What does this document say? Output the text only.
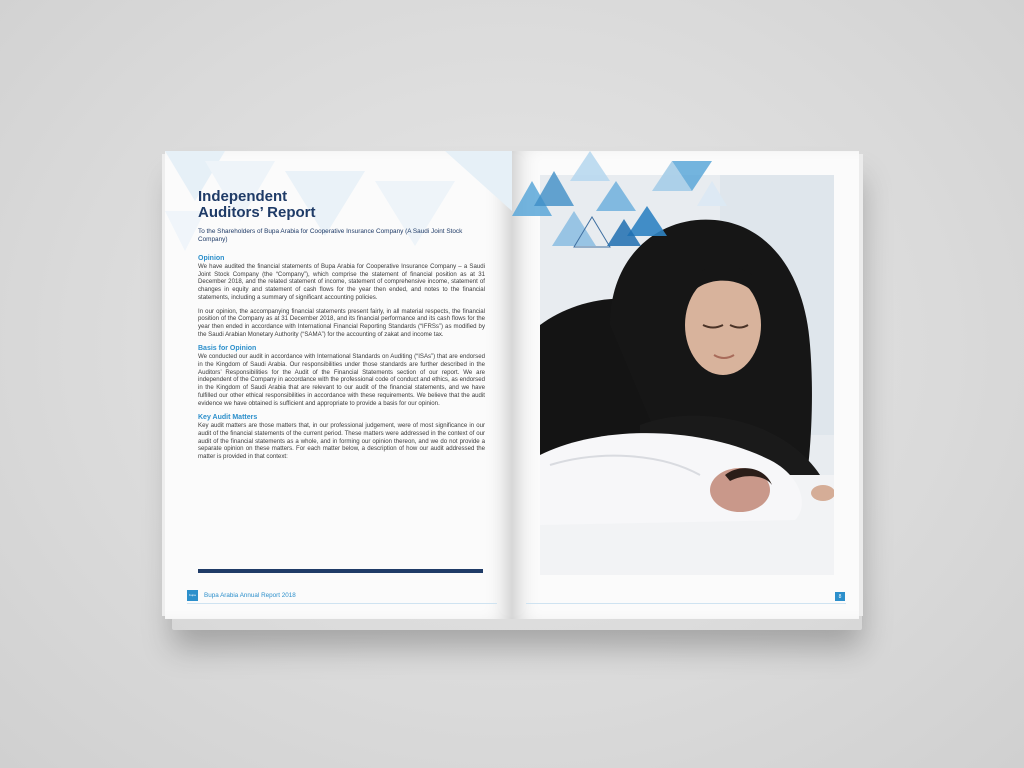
Independent
Auditors’ Report
To the Shareholders of Bupa Arabia for Cooperative Insurance Company (A Saudi Joint Stock Company)
Opinion

We have audited the financial statements of Bupa Arabia for Cooperative Insurance Company – a Saudi Joint Stock Company (the “Company”), which comprise the statement of financial position as at 31 December 2018, and the related statement of income, statement of comprehensive income, statement of changes in equity and statement of cash flows for the year then ended, and notes to the financial statements, including a summary of significant accounting policies.

In our opinion, the accompanying financial statements present fairly, in all material respects, the financial position of the Company as at 31 December 2018, and its financial performance and its cash flows for the year then ended in accordance with International Financial Reporting Standards (“IFRSs”) as modified by the Saudi Arabian Monetary Authority (“SAMA”) for the accounting of zakat and income tax.

Basis for Opinion

We conducted our audit in accordance with International Standards on Auditing (“ISAs”) that are endorsed in the Kingdom of Saudi Arabia. Our responsibilities under those standards are further described in the Auditors’ Responsibilities for the Audit of the Financial Statements section of our report. We are independent of the Company in accordance with the professional code of conduct and ethics, as endorsed in the Kingdom of Saudi Arabia that are relevant to our audit of the financial statements, and we have fulfilled our other ethical responsibilities in accordance with these requirements. We believe that the audit evidence we have obtained is sufficient and appropriate to provide a basis for our opinion.

Key Audit Matters

Key audit matters are those matters that, in our professional judgement, were of most significance in our audit of the financial statements of the current period. These matters were addressed in the context of our audit of the financial statements as a whole, and in forming our opinion thereon, and we do not provide a separate opinion on these matters. For each matter below, a description of how our audit addressed the matter is provided in that context:

bupa	Bupa Arabia Annual Report 2018	8
